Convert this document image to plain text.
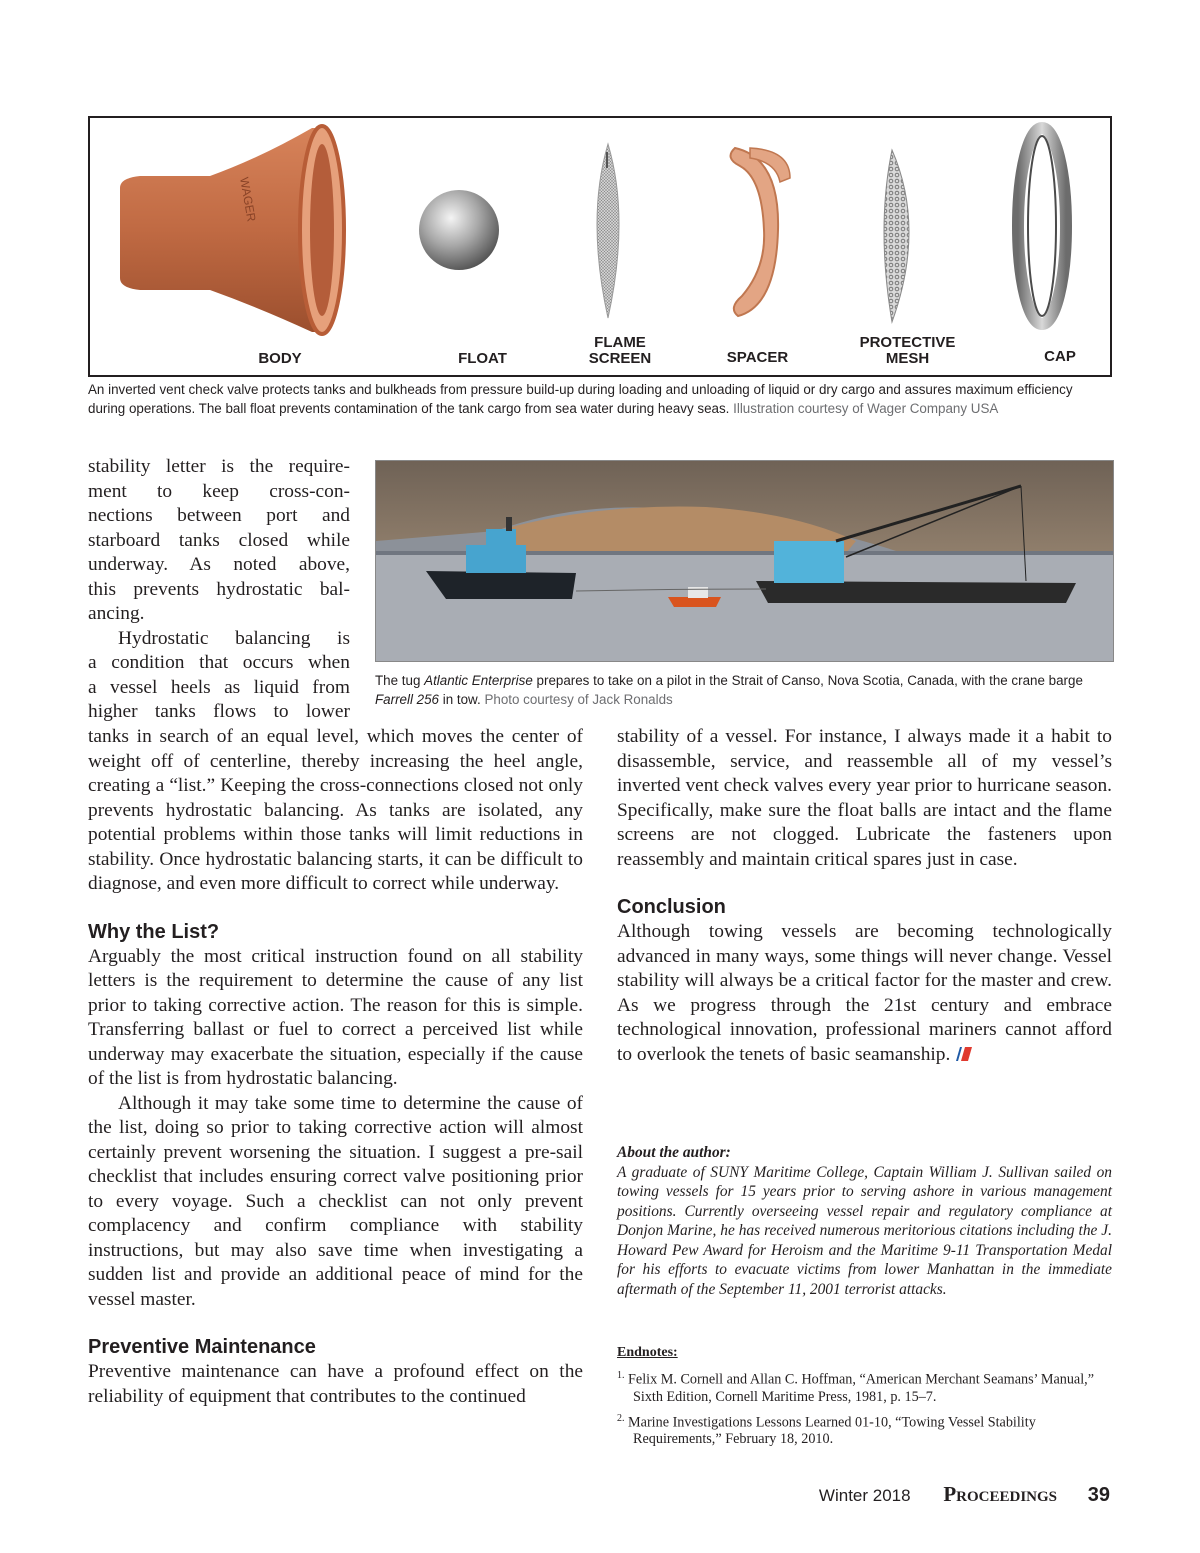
WAGER
BODY	FLOAT
FLAME
SCREEN	SPACER
PROTECTIVE
MESH	CAP
An inverted vent check valve protects tanks and bulkheads from pressure build-up during loading and unloading of liquid or dry cargo and assures maximum efficiency during operations. The ball float prevents contamination of the tank cargo from sea water during heavy seas. Illustration courtesy of Wager Company USA
The tug Atlantic Enterprise prepares to take on a pilot in the Strait of Canso, Nova Scotia, Canada, with the crane barge Farrell 256 in tow. Photo courtesy of Jack Ronalds
stability letter is the require-
ment to keep cross-con-
nections between port and
starboard tanks closed while
underway. As noted above,
this prevents hydrostatic bal-
ancing.
Hydrostatic balancing is
a condition that occurs when
a vessel heels as liquid from
higher tanks flows to lower

tanks in search of an equal level, which moves the center of weight off of centerline, thereby increasing the heel angle, creating a “list.” Keeping the cross-connections closed not only prevents hydrostatic balancing. As tanks are isolated, any potential problems within those tanks will limit reductions in stability. Once hydrostatic balancing starts, it can be difficult to diagnose, and even more difficult to correct while underway.

Why the List?

Arguably the most critical instruction found on all stability letters is the requirement to determine the cause of any list prior to taking corrective action. The reason for this is simple. Transferring ballast or fuel to correct a perceived list while underway may exacerbate the situation, especially if the cause of the list is from hydrostatic balancing.

Although it may take some time to determine the cause of the list, doing so prior to taking corrective action will almost certainly prevent worsening the situation. I suggest a pre-sail checklist that includes ensuring correct valve positioning prior to every voyage. Such a checklist can not only prevent complacency and confirm compliance with stability instructions, but may also save time when investigating a sudden list and provide an additional peace of mind for the vessel master.

Preventive Maintenance

Preventive maintenance can have a profound effect on the reliability of equipment that contributes to the continued

stability of a vessel. For instance, I always made it a habit to disassemble, service, and reassemble all of my vessel’s inverted vent check valves every year prior to hurricane season. Specifically, make sure the float balls are intact and the flame screens are not clogged. Lubricate the fasteners upon reassembly and maintain critical spares just in case.

Conclusion

Although towing vessels are becoming technologically advanced in many ways, some things will never change. Vessel stability will always be a critical factor for the master and crew. As we progress through the 21st century and embrace technological innovation, professional mariners cannot afford to overlook the tenets of basic seamanship.

About the author:

A graduate of SUNY Maritime College, Captain William J. Sullivan sailed on towing vessels for 15 years prior to serving ashore in various management positions. Currently overseeing vessel repair and regulatory compliance at Donjon Marine, he has received numerous meritorious citations including the J. Howard Pew Award for Heroism and the Maritime 9-11 Transportation Medal for his efforts to evacuate victims from lower Manhattan in the immediate aftermath of the September 11, 2001 terrorist attacks.

Endnotes:
$^{1.}$ Felix M. Cornell and Allan C. Hoffman, “American Merchant Seamans’ Manual,” Sixth Edition, Cornell Maritime Press, 1981, p. 15–7.
$^{2.}$ Marine Investigations Lessons Learned 01-10, “Towing Vessel Stability Requirements,” February 18, 2010.
Winter 2018 Proceedings 39
